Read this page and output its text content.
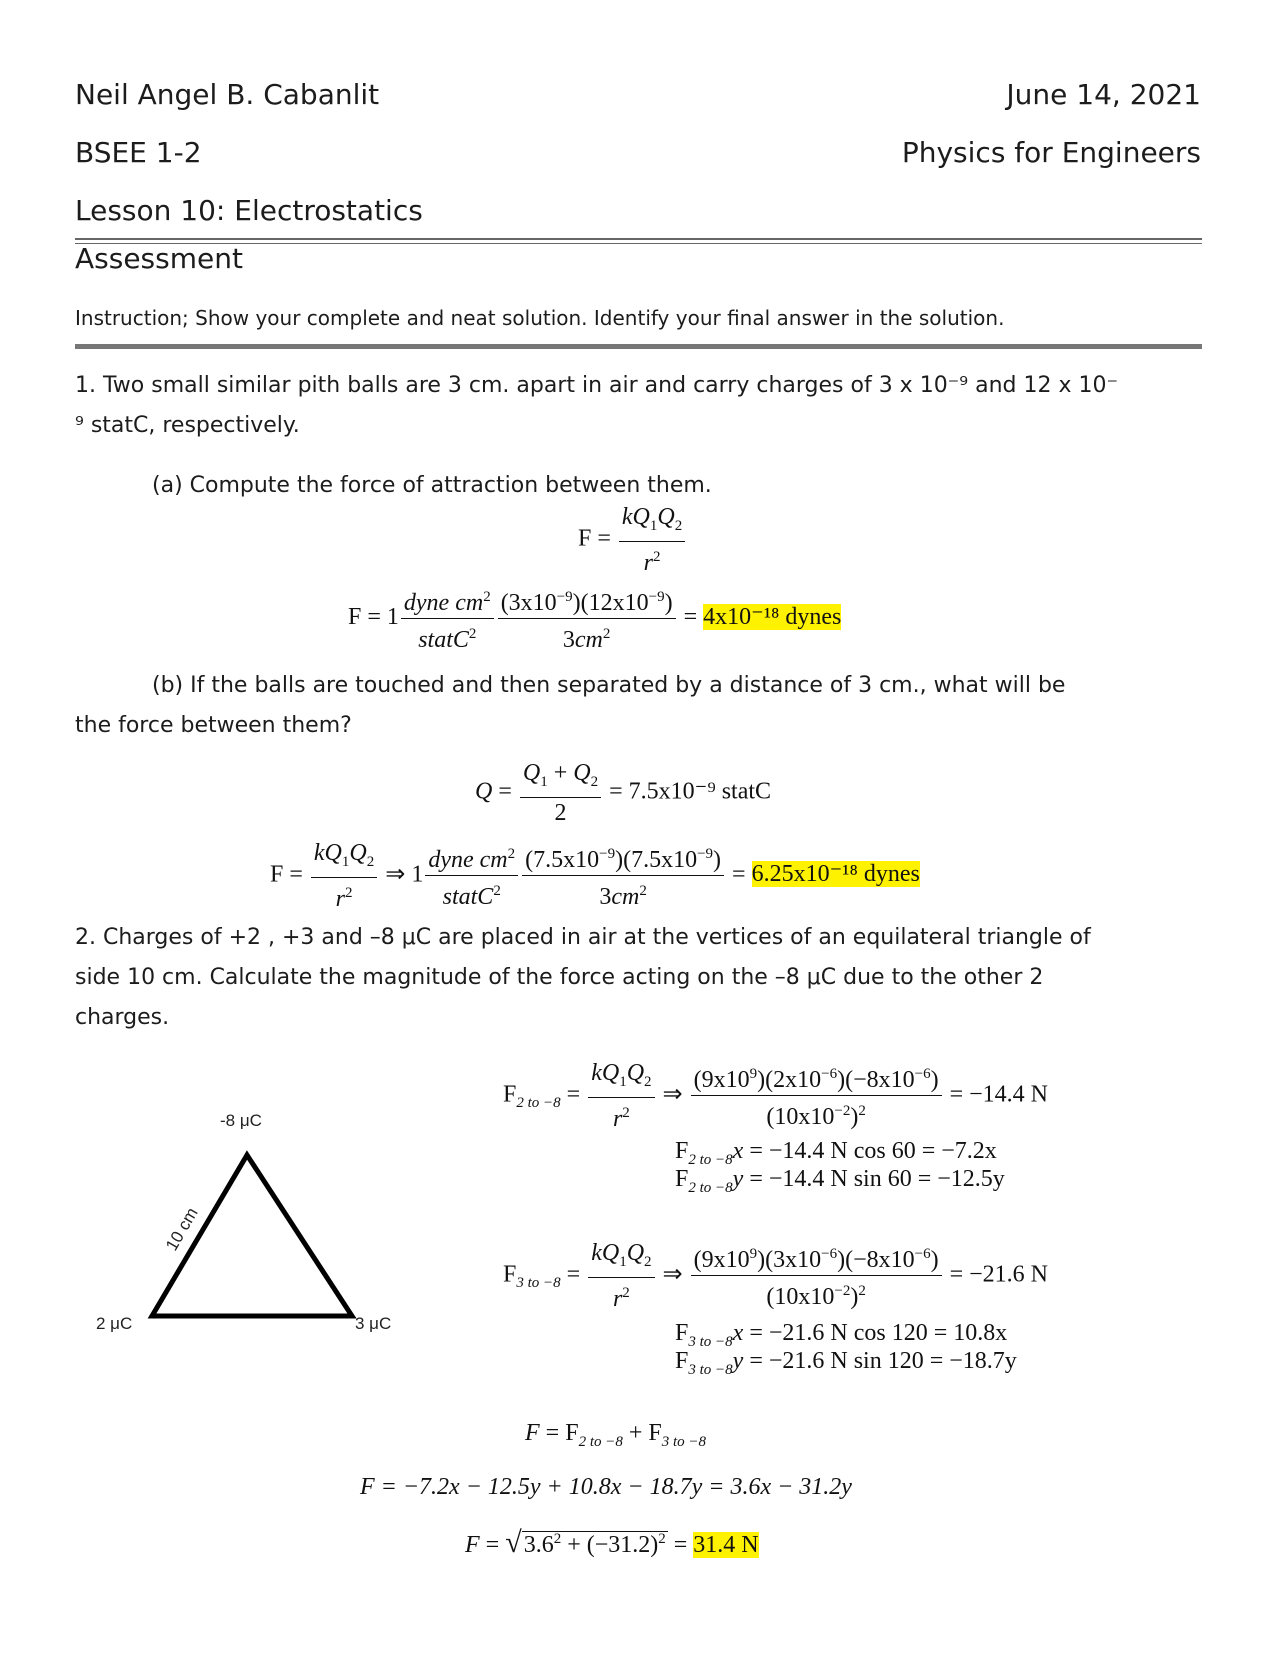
Neil Angel B. Cabanlit	June 14, 2021
BSEE 1-2	Physics for Engineers
Lesson 10: Electrostatics
Assessment
Instruction; Show your complete and neat solution. Identify your final answer in the solution.
1. Two small similar pith balls are 3 cm. apart in air and carry charges of 3 x 10⁻⁹ and 12 x 10⁻
⁹ statC, respectively.
(a) Compute the force of attraction between them.
$F = \frac{kQ_1Q_2}{r^2}$
$F = 1 \frac{dyne cm^2}{statC^2} \frac{(3x10^{-9})(12x10^{-9})}{3cm^2} = 4x10^{-18}$ dynes
(b) If the balls are touched and then separated by a distance of 3 cm., what will be
the force between them?
$Q = \frac{Q_1 + Q_2}{2} = 7.5x10^{-9}$ statC
$F = \frac{kQ_1Q_2}{r^2}$ ⇒ $1 \frac{dyne cm^2}{statC^2} \frac{(7.5x10^{-9})(7.5x10^{-9})}{3cm^2} = 6.25x10^{-18}$ dynes
2. Charges of +2 , +3 and –8 μC are placed in air at the vertices of an equilateral triangle of
side 10 cm. Calculate the magnitude of the force acting on the –8 μC due to the other 2
charges.
-8 μC
2 μC	3 μC
10 cm
$F_{2 to -8} = \frac{kQ_1Q_2}{r^2}$ ⇒ $\frac{(9x10^9)(2x10^{-6})(-8x10^{-6})}{(10x10^{-2})^2} = -14.4$ N
$F_{2 to -8}x = -14.4$ N cos 60 = −7.2x
$F_{2 to -8}y = -14.4$ N sin 60 = −12.5y
$F_{3 to -8} = \frac{kQ_1Q_2}{r^2}$ ⇒ $\frac{(9x10^9)(3x10^{-6})(-8x10^{-6})}{(10x10^{-2})^2} = -21.6$ N
$F_{3 to -8}x = -21.6$ N cos 120 = 10.8x
$F_{3 to -8}y = -21.6$ N sin 120 = −18.7y
$F = F_{2 to -8} + F_{3 to -8}$
F = −7.2x − 12.5y + 10.8x − 18.7y = 3.6x − 31.2y
$F = √3.6^2 + (-31.2)^2 = 31.4$ N
